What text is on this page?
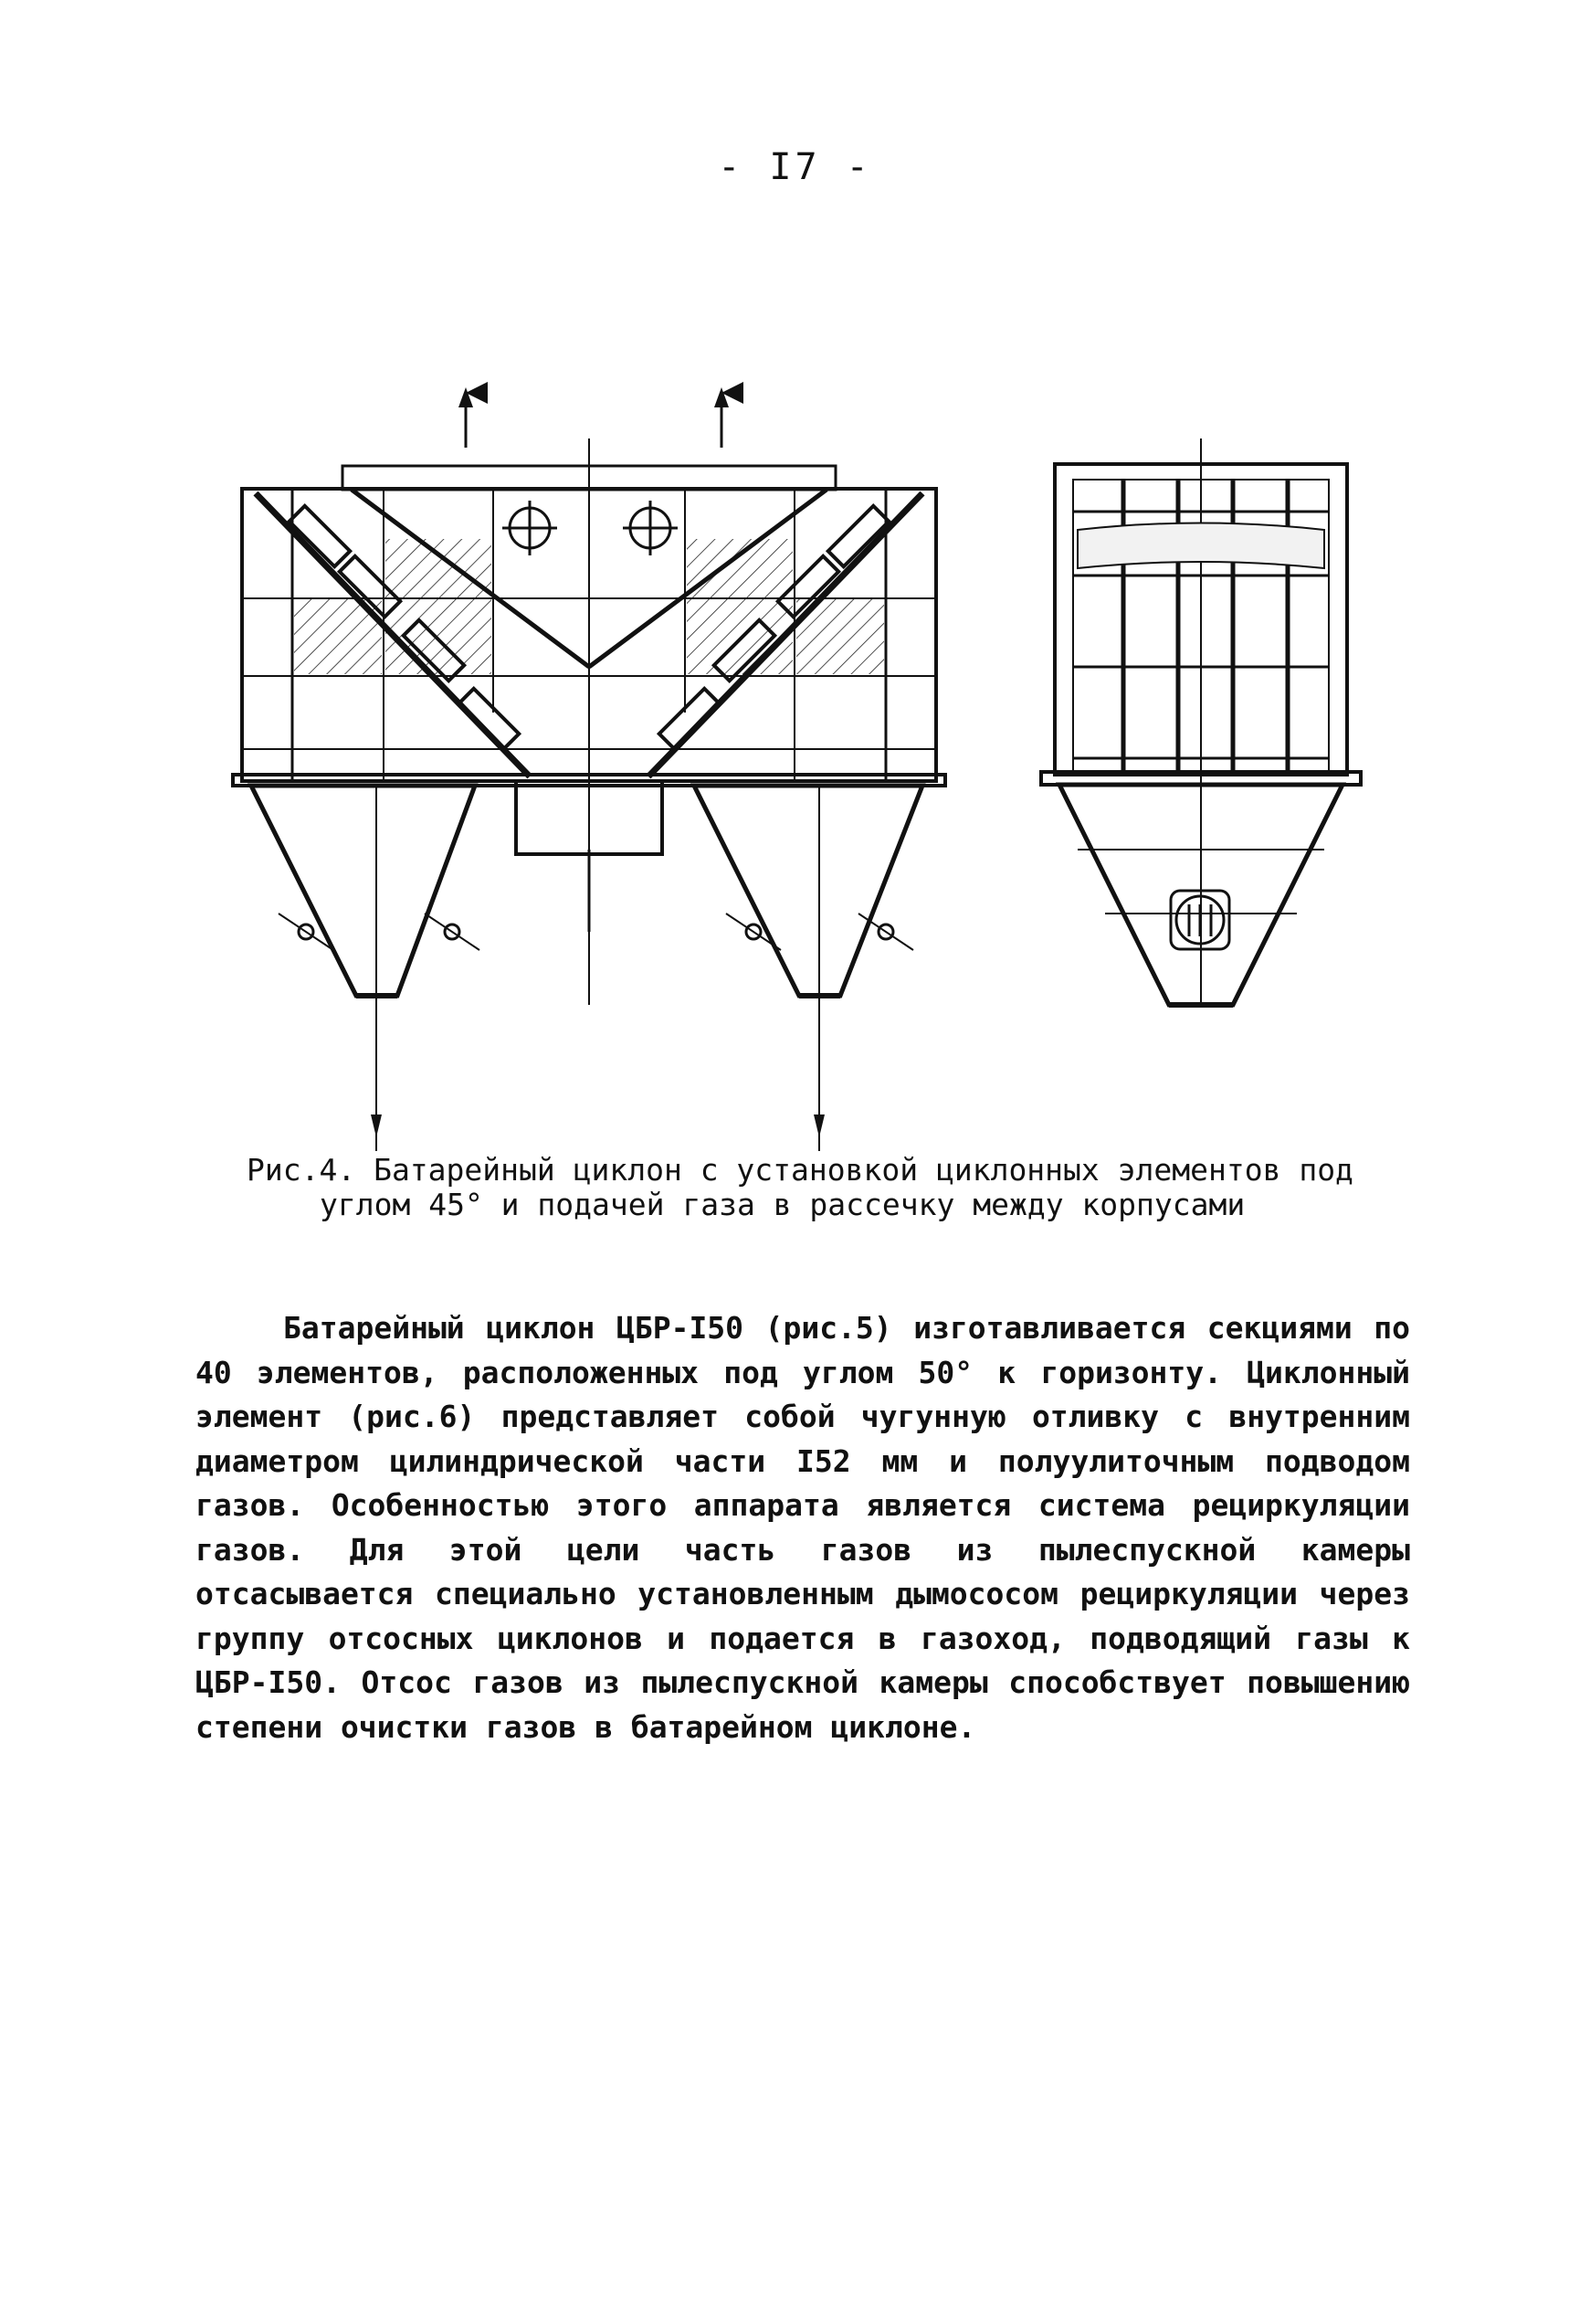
- I7 -
Рис.4. Батарейный циклон с установкой циклонных элементов под
углом 45° и подачей газа в рассечку между корпусами
Батарейный циклон ЦБР-I50 (рис.5) изготавливается секциями по 40 элементов, расположенных под углом 50° к горизонту. Циклонный элемент (рис.6) представляет собой чугунную отливку с внутренним диаметром цилиндрической части I52 мм и полуулиточным подводом газов. Особенностью этого аппарата является система рециркуляции газов. Для этой цели часть газов из пылеспускной камеры отсасывается специально установленным дымососом рециркуляции через группу отсосных циклонов и подается в газоход, подводящий газы к ЦБР-I50. Отсос газов из пылеспускной камеры способствует повышению степени очистки газов в батарейном циклоне.
